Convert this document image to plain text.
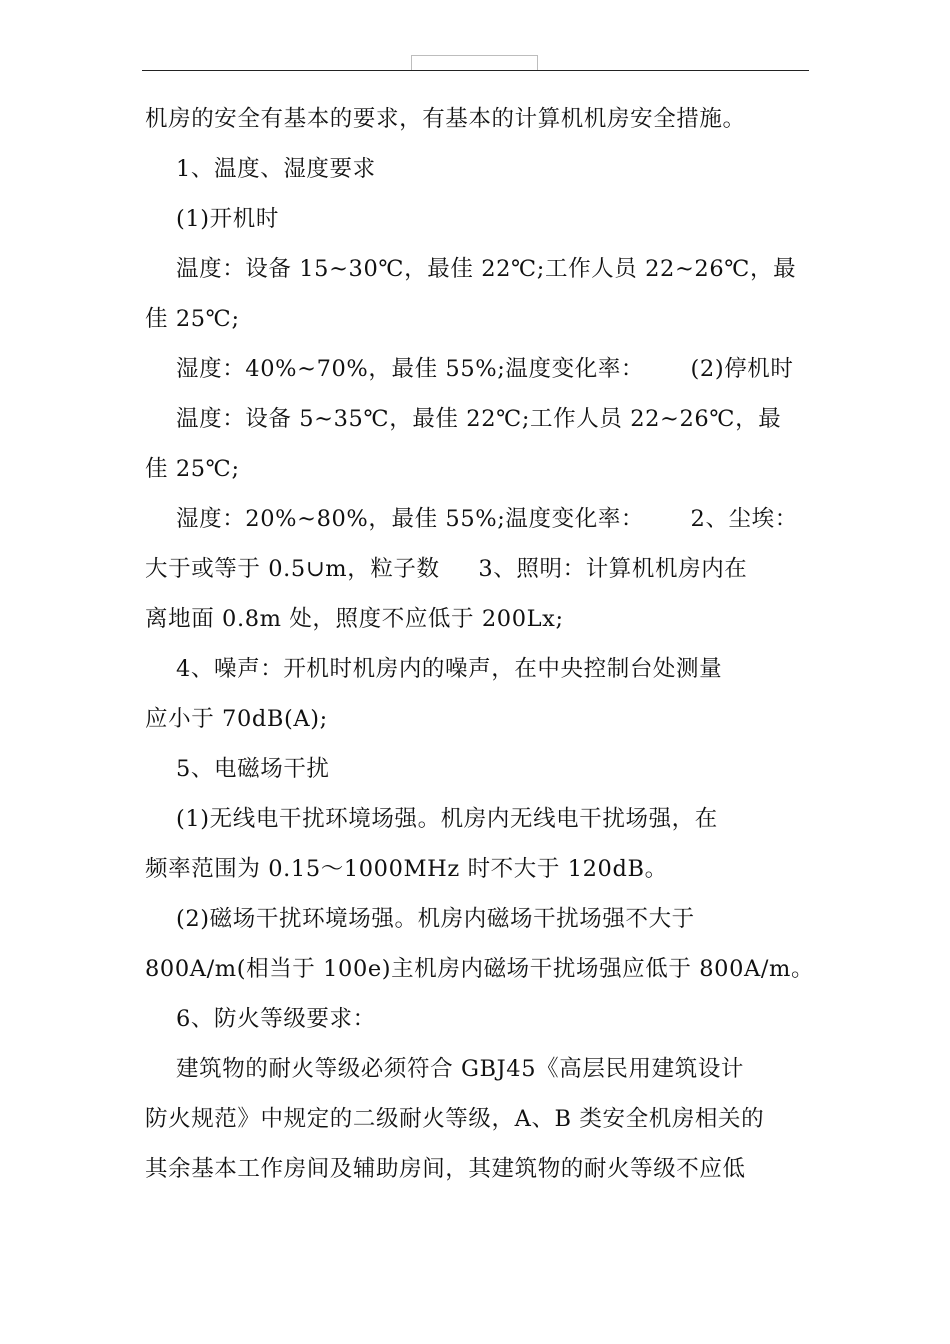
机房的安全有基本的要求，有基本的计算机机房安全措施。
1、温度、湿度要求
(1)开机时
温度：设备 15~30℃，最佳 22℃;工作人员 22~26℃，最
佳 25℃;
湿度：40%~70%，最佳 55%;温度变化率：      (2)停机时
温度：设备 5~35℃，最佳 22℃;工作人员 22~26℃，最
佳 25℃;
湿度：20%~80%，最佳 55%;温度变化率：      2、尘埃：
大于或等于 0.5∪m，粒子数     3、照明：计算机机房内在
离地面 0.8m 处，照度不应低于 200Lx;
4、噪声：开机时机房内的噪声，在中央控制台处测量
应小于 70dB(A);
5、电磁场干扰
(1)无线电干扰环境场强。机房内无线电干扰场强，在
频率范围为 0.15～1000MHz 时不大于 120dB。
(2)磁场干扰环境场强。机房内磁场干扰场强不大于
800A/m(相当于 100e)主机房内磁场干扰场强应低于 800A/m。
6、防火等级要求：
建筑物的耐火等级必须符合 GBJ45《高层民用建筑设计
防火规范》中规定的二级耐火等级，A、B 类安全机房相关的
其余基本工作房间及辅助房间，其建筑物的耐火等级不应低
